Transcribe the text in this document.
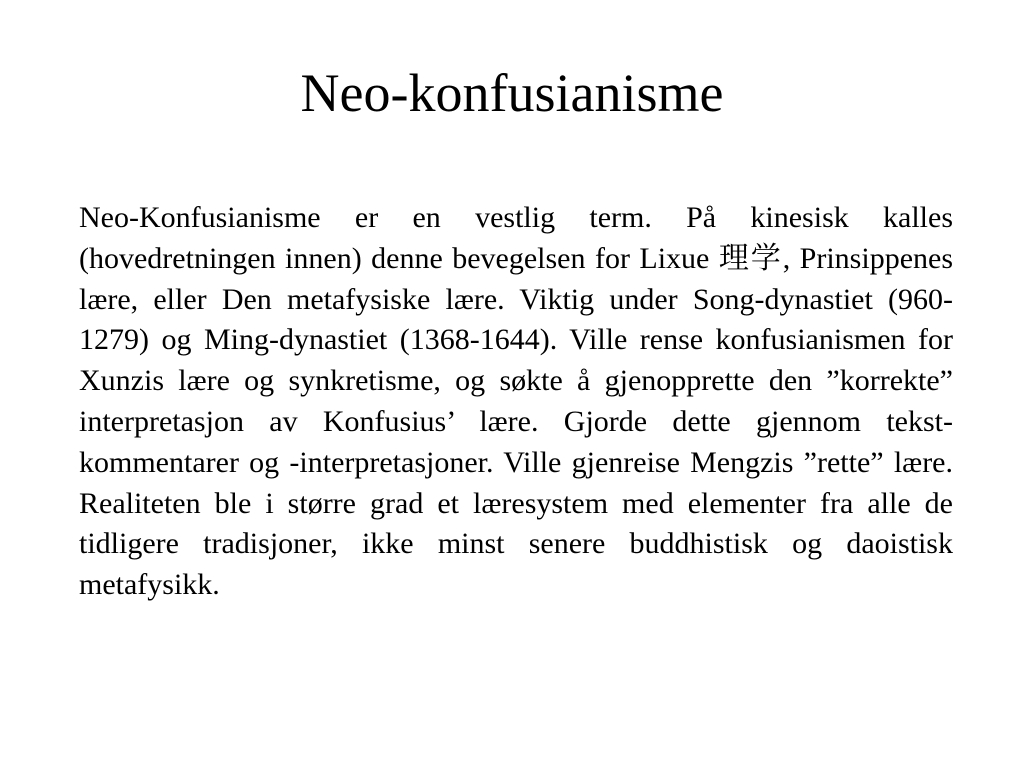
Neo-konfusianisme

Neo-Konfusianisme er en vestlig term. På kinesisk kalles (hovedretningen innen) denne bevegelsen for Lixue 理学, Prinsippenes lære, eller Den metafysiske lære. Viktig under Song-dynastiet (960-1279) og Ming-dynastiet (1368-1644). Ville rense konfusianismen for Xunzis lære og synkretisme, og søkte å gjenopprette den ”korrekte” interpretasjon av Konfusius’ lære. Gjorde dette gjennom tekst-kommentarer og -interpretasjoner. Ville gjenreise Mengzis ”rette” lære. Realiteten ble i større grad et læresystem med elementer fra alle de tidligere tradisjoner, ikke minst senere buddhistisk og daoistisk metafysikk.
